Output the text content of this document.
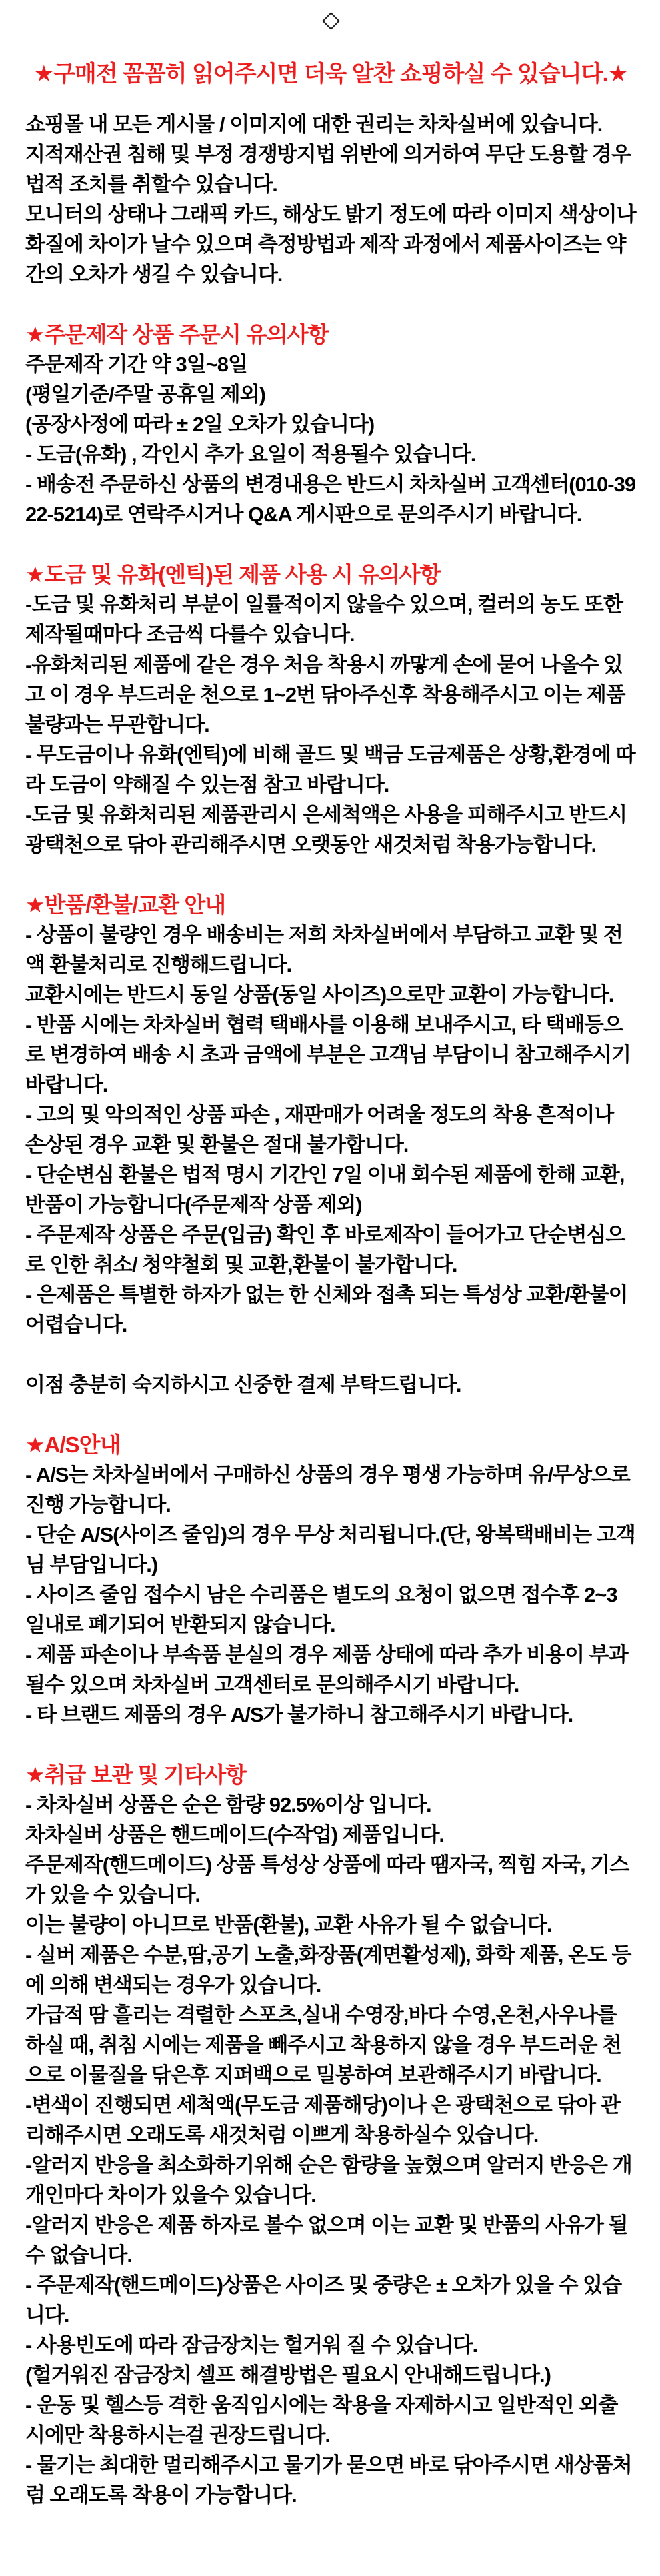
★구매전 꼼꼼히 읽어주시면 더욱 알찬 쇼핑하실 수 있습니다.★

쇼핑몰 내 모든 게시물 / 이미지에 대한 권리는 차차실버에 있습니다.

지적재산권 침해 및 부정 경쟁방지법 위반에 의거하여 무단 도용할 경우 법적 조치를 취할수 있습니다.

모니터의 상태나 그래픽 카드, 해상도 밝기 정도에 따라 이미지 색상이나 화질에 차이가 날수 있으며 측정방법과 제작 과정에서 제품사이즈는 약간의 오차가 생길 수 있습니다.

★주문제작 상품 주문시 유의사항

주문제작 기간 약 3일~8일

(평일기준/주말 공휴일 제외)

(공장사정에 따라 ± 2일 오차가 있습니다)

- 도금(유화) , 각인시 추가 요일이 적용될수 있습니다.

- 배송전 주문하신 상품의 변경내용은 반드시 차차실버 고객센터(010-3922-5214)로 연락주시거나 Q&A 게시판으로 문의주시기 바랍니다.

★도금 및 유화(엔틱)된 제품 사용 시 유의사항

-도금 및 유화처리 부분이 일률적이지 않을수 있으며, 컬러의 농도 또한 제작될때마다 조금씩 다를수 있습니다.

-유화처리된 제품에 같은 경우 처음 착용시 까맣게 손에 묻어 나올수 있고 이 경우 부드러운 천으로 1~2번 닦아주신후 착용해주시고 이는 제품불량과는 무관합니다.

- 무도금이나 유화(엔틱)에 비해 골드 및 백금 도금제품은 상황,환경에 따라 도금이 약해질 수 있는점 참고 바랍니다.

-도금 및 유화처리된 제품관리시 은세척액은 사용을 피해주시고 반드시 광택천으로 닦아 관리해주시면 오랫동안 새것처럼 착용가능합니다.

★반품/환불/교환 안내

- 상품이 불량인 경우 배송비는 저희 차차실버에서 부담하고 교환 및 전액 환불처리로 진행해드립니다.

교환시에는 반드시 동일 상품(동일 사이즈)으로만 교환이 가능합니다.

- 반품 시에는 차차실버 협력 택배사를 이용해 보내주시고, 타 택배등으로 변경하여 배송 시 초과 금액에 부분은 고객님 부담이니 참고해주시기 바랍니다.

- 고의 및 악의적인 상품 파손 , 재판매가 어려울 정도의 착용 흔적이나 손상된 경우 교환 및 환불은 절대 불가합니다.

- 단순변심 환불은 법적 명시 기간인 7일 이내 회수된 제품에 한해 교환,반품이 가능합니다(주문제작 상품 제외)

- 주문제작 상품은 주문(입금) 확인 후 바로제작이 들어가고 단순변심으로 인한 취소/ 청약철회 및 교환,환불이 불가합니다.

- 은제품은 특별한 하자가 없는 한 신체와 접촉 되는 특성상 교환/환불이 어렵습니다.

이점 충분히 숙지하시고 신중한 결제 부탁드립니다.

★A/S안내

- A/S는 차차실버에서 구매하신 상품의 경우 평생 가능하며 유/무상으로 진행 가능합니다.

- 단순 A/S(사이즈 줄임)의 경우 무상 처리됩니다.(단, 왕복택배비는 고객님 부담입니다.)

- 사이즈 줄임 접수시 남은 수리품은 별도의 요청이 없으면 접수후 2~3일내로 폐기되어 반환되지 않습니다.

- 제품 파손이나 부속품 분실의 경우 제품 상태에 따라 추가 비용이 부과될수 있으며 차차실버 고객센터로 문의해주시기 바랍니다.

- 타 브랜드 제품의 경우 A/S가 불가하니 참고해주시기 바랍니다.

★취급 보관 및 기타사항

- 차차실버 상품은 순은 함량 92.5%이상 입니다.

차차실버 상품은 핸드메이드(수작업) 제품입니다.

주문제작(핸드메이드) 상품 특성상 상품에 따라 땜자국, 찍힘 자국, 기스가 있을 수 있습니다.

이는 불량이 아니므로 반품(환불), 교환 사유가 될 수 없습니다.

- 실버 제품은 수분,땀,공기 노출,화장품(계면활성제), 화학 제품, 온도 등에 의해 변색되는 경우가 있습니다.

가급적 땀 흘리는 격렬한 스포츠,실내 수영장,바다 수영,온천,사우나를 하실 때, 취침 시에는 제품을 빼주시고 착용하지 않을 경우 부드러운 천으로 이물질을 닦은후 지퍼백으로 밀봉하여 보관해주시기 바랍니다.

-변색이 진행되면 세척액(무도금 제품해당)이나 은 광택천으로 닦아 관리해주시면 오래도록 새것처럼 이쁘게 착용하실수 있습니다.

-알러지 반응을 최소화하기위해 순은 함량을 높혔으며 알러지 반응은 개개인마다 차이가 있을수 있습니다.

-알러지 반응은 제품 하자로 볼수 없으며 이는 교환 및 반품의 사유가 될수 없습니다.

- 주문제작(핸드메이드)상품은 사이즈 및 중량은 ± 오차가 있을 수 있습니다.

- 사용빈도에 따라 잠금장치는 헐거워 질 수 있습니다.

(헐거워진 잠금장치 셀프 해결방법은 필요시 안내해드립니다.)

- 운동 및 헬스등 격한 움직임시에는 착용을 자제하시고 일반적인 외출시에만 착용하시는걸 권장드립니다.

- 물기는 최대한 멀리해주시고 물기가 묻으면 바로 닦아주시면 새상품처럼 오래도록 착용이 가능합니다.
